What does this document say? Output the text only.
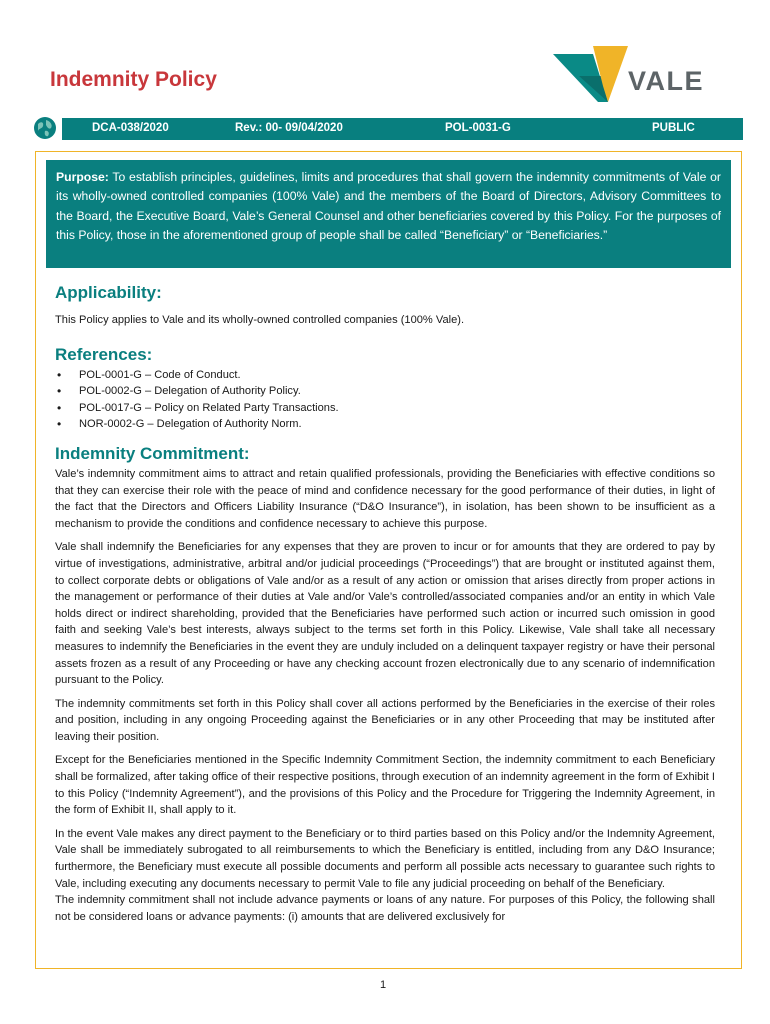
Indemnity Policy	VALE
DCA-038/2020	Rev.: 00- 09/04/2020	POL-0031-G	PUBLIC
Purpose: To establish principles, guidelines, limits and procedures that shall govern the indemnity commitments of Vale or its wholly-owned controlled companies (100% Vale) and the members of the Board of Directors, Advisory Committees to the Board, the Executive Board, Vale’s General Counsel and other beneficiaries covered by this Policy. For the purposes of this Policy, those in the aforementioned group of people shall be called “Beneficiary” or “Beneficiaries.”
Applicability:

This Policy applies to Vale and its wholly-owned controlled companies (100% Vale).

References:
• POL-0001-G – Code of Conduct.
• POL-0002-G – Delegation of Authority Policy.
• POL-0017-G – Policy on Related Party Transactions.
• NOR-0002-G – Delegation of Authority Norm.
Indemnity Commitment:

Vale’s indemnity commitment aims to attract and retain qualified professionals, providing the Beneficiaries with effective conditions so that they can exercise their role with the peace of mind and confidence necessary for the good performance of their duties, in light of the fact that the Directors and Officers Liability Insurance (“D&O Insurance”), in isolation, has been shown to be insufficient as a mechanism to provide the conditions and confidence necessary to achieve this purpose.

Vale shall indemnify the Beneficiaries for any expenses that they are proven to incur or for amounts that they are ordered to pay by virtue of investigations, administrative, arbitral and/or judicial proceedings (“Proceedings”) that are brought or instituted against them, to collect corporate debts or obligations of Vale and/or as a result of any action or omission that arises directly from proper actions in the management or performance of their duties at Vale and/or Vale’s controlled/associated companies and/or an entity in which Vale holds direct or indirect shareholding, provided that the Beneficiaries have performed such action or incurred such omission in good faith and seeking Vale’s best interests, always subject to the terms set forth in this Policy. Likewise, Vale shall take all necessary measures to indemnify the Beneficiaries in the event they are unduly included on a delinquent taxpayer registry or have their personal assets frozen as a result of any Proceeding or have any checking account frozen electronically due to any scenario of indemnification pursuant to the Policy.

The indemnity commitments set forth in this Policy shall cover all actions performed by the Beneficiaries in the exercise of their roles and position, including in any ongoing Proceeding against the Beneficiaries or in any other Proceeding that may be instituted after leaving their position.

Except for the Beneficiaries mentioned in the Specific Indemnity Commitment Section, the indemnity commitment to each Beneficiary shall be formalized, after taking office of their respective positions, through execution of an indemnity agreement in the form of Exhibit I to this Policy (“Indemnity Agreement”), and the provisions of this Policy and the Procedure for Triggering the Indemnity Agreement, in the form of Exhibit II, shall apply to it.

In the event Vale makes any direct payment to the Beneficiary or to third parties based on this Policy and/or the Indemnity Agreement, Vale shall be immediately subrogated to all reimbursements to which the Beneficiary is entitled, including from any D&O Insurance; furthermore, the Beneficiary must execute all possible documents and perform all possible acts necessary to guarantee such rights to Vale, including executing any documents necessary to permit Vale to file any judicial proceeding on behalf of the Beneficiary.

The indemnity commitment shall not include advance payments or loans of any nature. For purposes of this Policy, the following shall not be considered loans or advance payments: (i) amounts that are delivered exclusively for

1
